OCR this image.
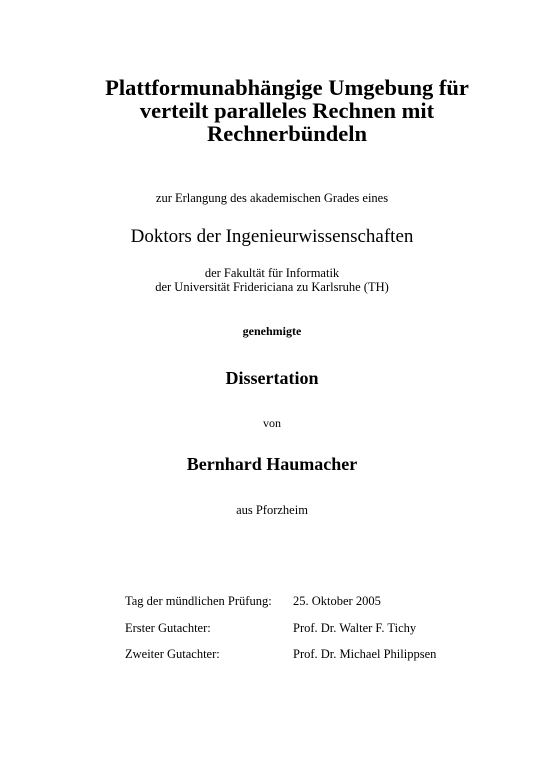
Plattformunabhängige Umgebung für
verteilt paralleles Rechnen mit
Rechnerbündeln
zur Erlangung des akademischen Grades eines
Doktors der Ingenieurwissenschaften
der Fakultät für Informatik
der Universität Fridericiana zu Karlsruhe (TH)
genehmigte
Dissertation
von
Bernhard Haumacher
aus Pforzheim
Tag der mündlichen Prüfung: 25. Oktober 2005
Erster Gutachter:	Prof. Dr. Walter F. Tichy
Zweiter Gutachter:	Prof. Dr. Michael Philippsen
